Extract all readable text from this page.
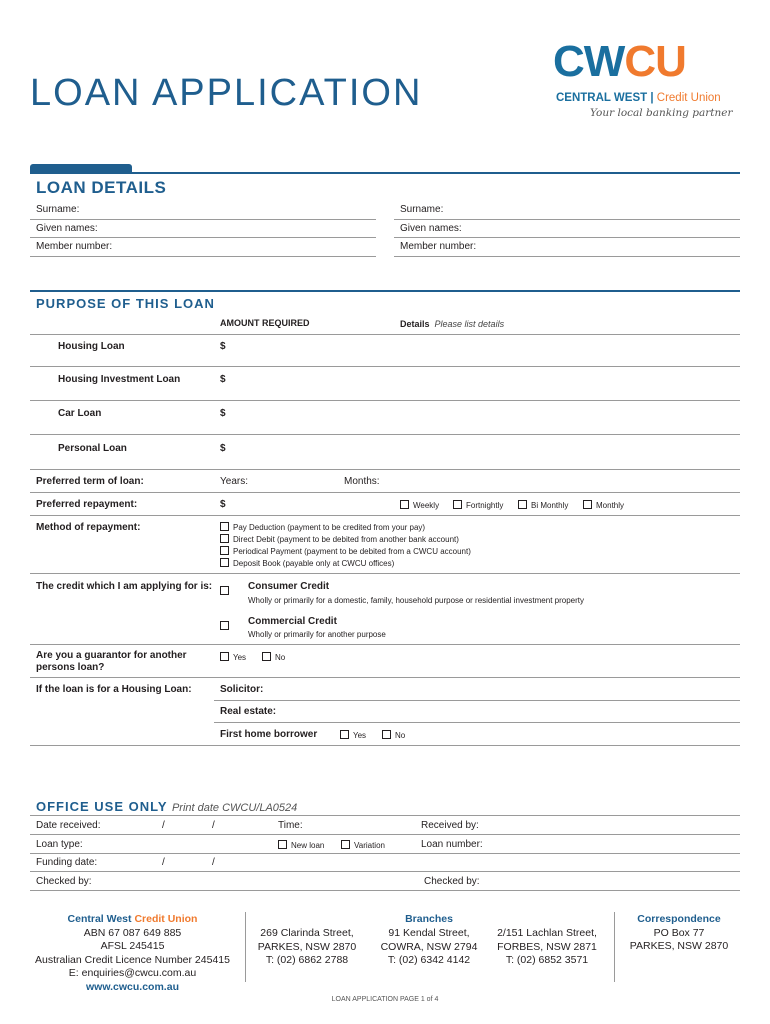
LOAN APPLICATION
CWCU
CENTRAL WEST | Credit Union
Your local banking partner
LOAN DETAILS
Surname:
Given names:
Member number:
Surname:
Given names:
Member number:
PURPOSE OF THIS LOAN
AMOUNT REQUIRED	Details Please list details
Housing Loan	$
Housing Investment Loan	$
Car Loan	$
Personal Loan	$
Preferred term of loan:	Years:	Months:
Preferred repayment:	$	Weekly	Fortnightly	Bi Monthly	Monthly
Method of repayment:	Pay Deduction (payment to be credited from your pay)
Direct Debit (payment to be debited from another bank account)
Periodical Payment (payment to be debited from a CWCU account)
Deposit Book (payable only at CWCU offices)
The credit which I am applying for is:	Consumer Credit
Wholly or primarily for a domestic, family, household purpose or residential investment property
Commercial Credit
Wholly or primarily for another purpose
Are you a guarantor for another persons loan?
Yes	No
If the loan is for a Housing Loan:	Solicitor:
Real estate:
First home borrower	Yes	No
OFFICE USE ONLY Print date CWCU/LA0524
Date received:	/	/	Time:	Received by:
Loan type:	New loan	Variation	Loan number:
Funding date:	/	/
Checked by:	Checked by:
Central West Credit Union
ABN 67 087 649 885
AFSL 245415
Australian Credit Licence Number 245415
E: enquiries@cwcu.com.au
www.cwcu.com.au
Branches
269 Clarinda Street,
PARKES, NSW 2870
T: (02) 6862 2788
91 Kendal Street,
COWRA, NSW 2794
T: (02) 6342 4142
2/151 Lachlan Street,
FORBES, NSW 2871
T: (02) 6852 3571
Correspondence
PO Box 77
PARKES, NSW 2870
LOAN APPLICATION PAGE 1 of 4
